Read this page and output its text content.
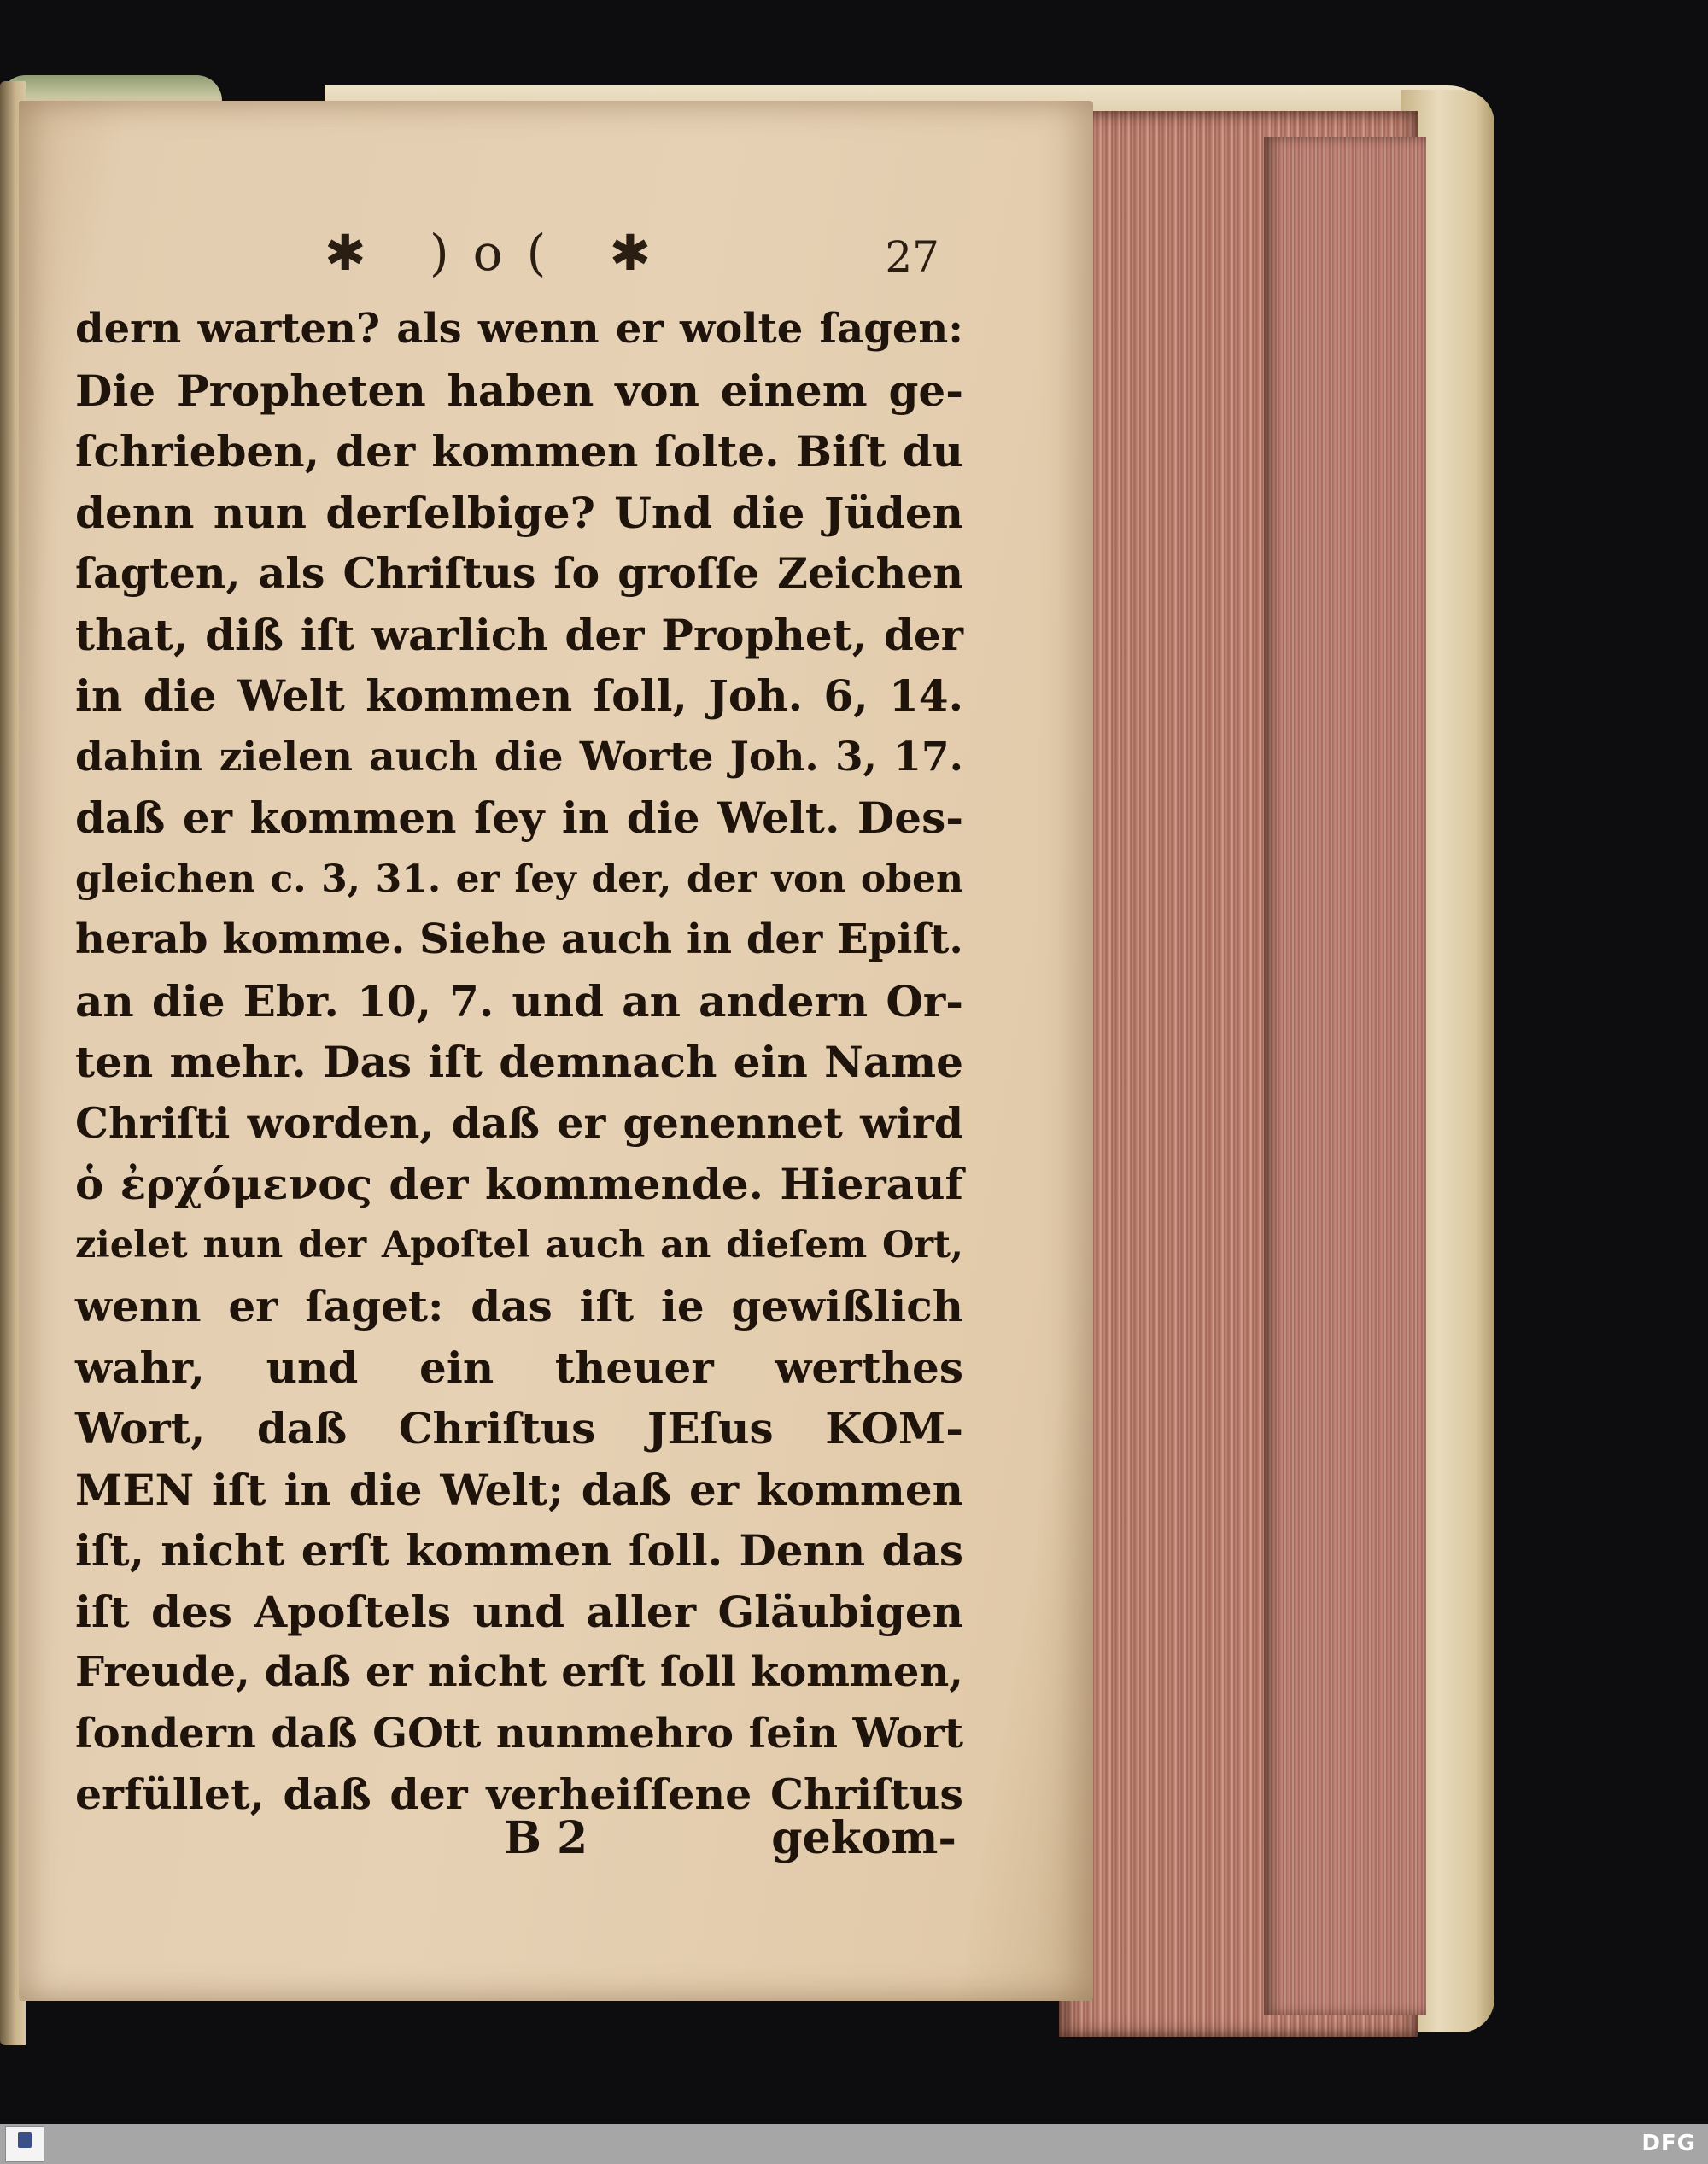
✱ )o( ✱	27
dern warten? als wenn er wolte ſagen:
Die Propheten haben von einem ge-
ſchrieben, der kommen ſolte. Biſt du
denn nun derſelbige? Und die Jüden
ſagten, als Chriſtus ſo groſſe Zeichen
that, diß iſt warlich der Prophet, der
in die Welt kommen ſoll, Joh. 6, 14.
dahin zielen auch die Worte Joh. 3, 17.
daß er kommen ſey in die Welt. Des-
gleichen c. 3, 31. er ſey der, der von oben
herab komme. Siehe auch in der Epiſt.
an die Ebr. 10, 7. und an andern Or-
ten mehr. Das iſt demnach ein Name
Chriſti worden, daß er genennet wird
ὁ ἐρχόμενος der kommende. Hierauf
zielet nun der Apoſtel auch an dieſem Ort,
wenn er ſaget: das iſt ie gewißlich
wahr, und ein theuer werthes
Wort, daß Chriſtus JEſus KOM-
MEN iſt in die Welt; daß er kommen
iſt, nicht erſt kommen ſoll. Denn das
iſt des Apoſtels und aller Gläubigen
Freude, daß er nicht erſt ſoll kommen,
ſondern daß GOtt nunmehro ſein Wort
erfüllet, daß der verheiſſene Chriſtus
B 2	gekom-
DFG
